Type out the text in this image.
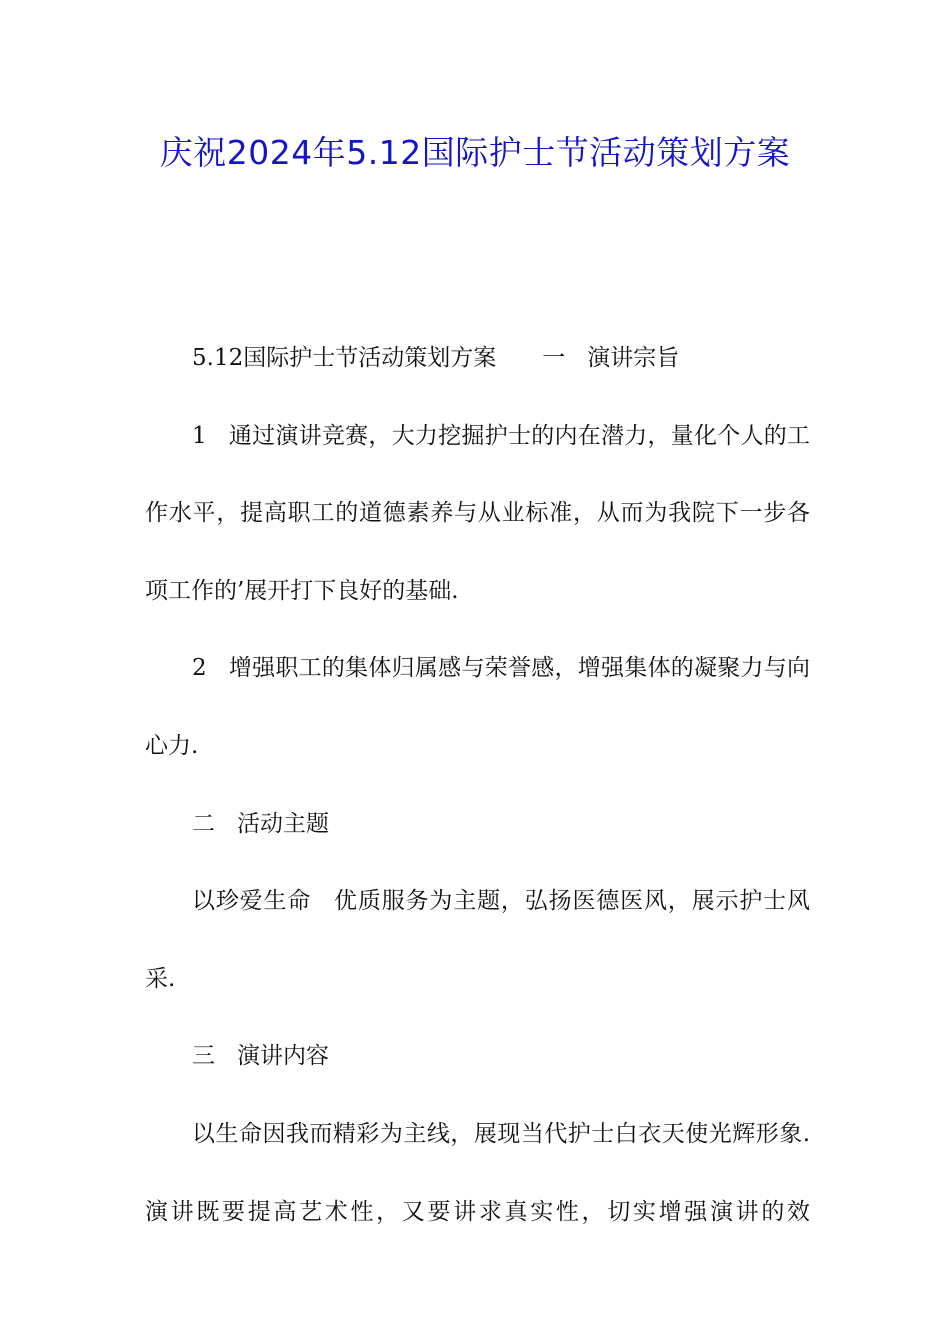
庆祝2024年5.12国际护士节活动策划方案

5.12国际护士节活动策划方案 一 演讲宗旨

1 通过演讲竞赛，大力挖掘护士的内在潜力，量化个人的工作水平，提高职工的道德素养与从业标准，从而为我院下一步各项工作的’展开打下良好的基础.

2 增强职工的集体归属感与荣誉感，增强集体的凝聚力与向心力.

二 活动主题

以珍爱生命 优质服务为主题，弘扬医德医风，展示护士风采.

三 演讲内容

以生命因我而精彩为主线，展现当代护士白衣天使光辉形象.演讲既要提高艺术性，又要讲求真实性，切实增强演讲的效
